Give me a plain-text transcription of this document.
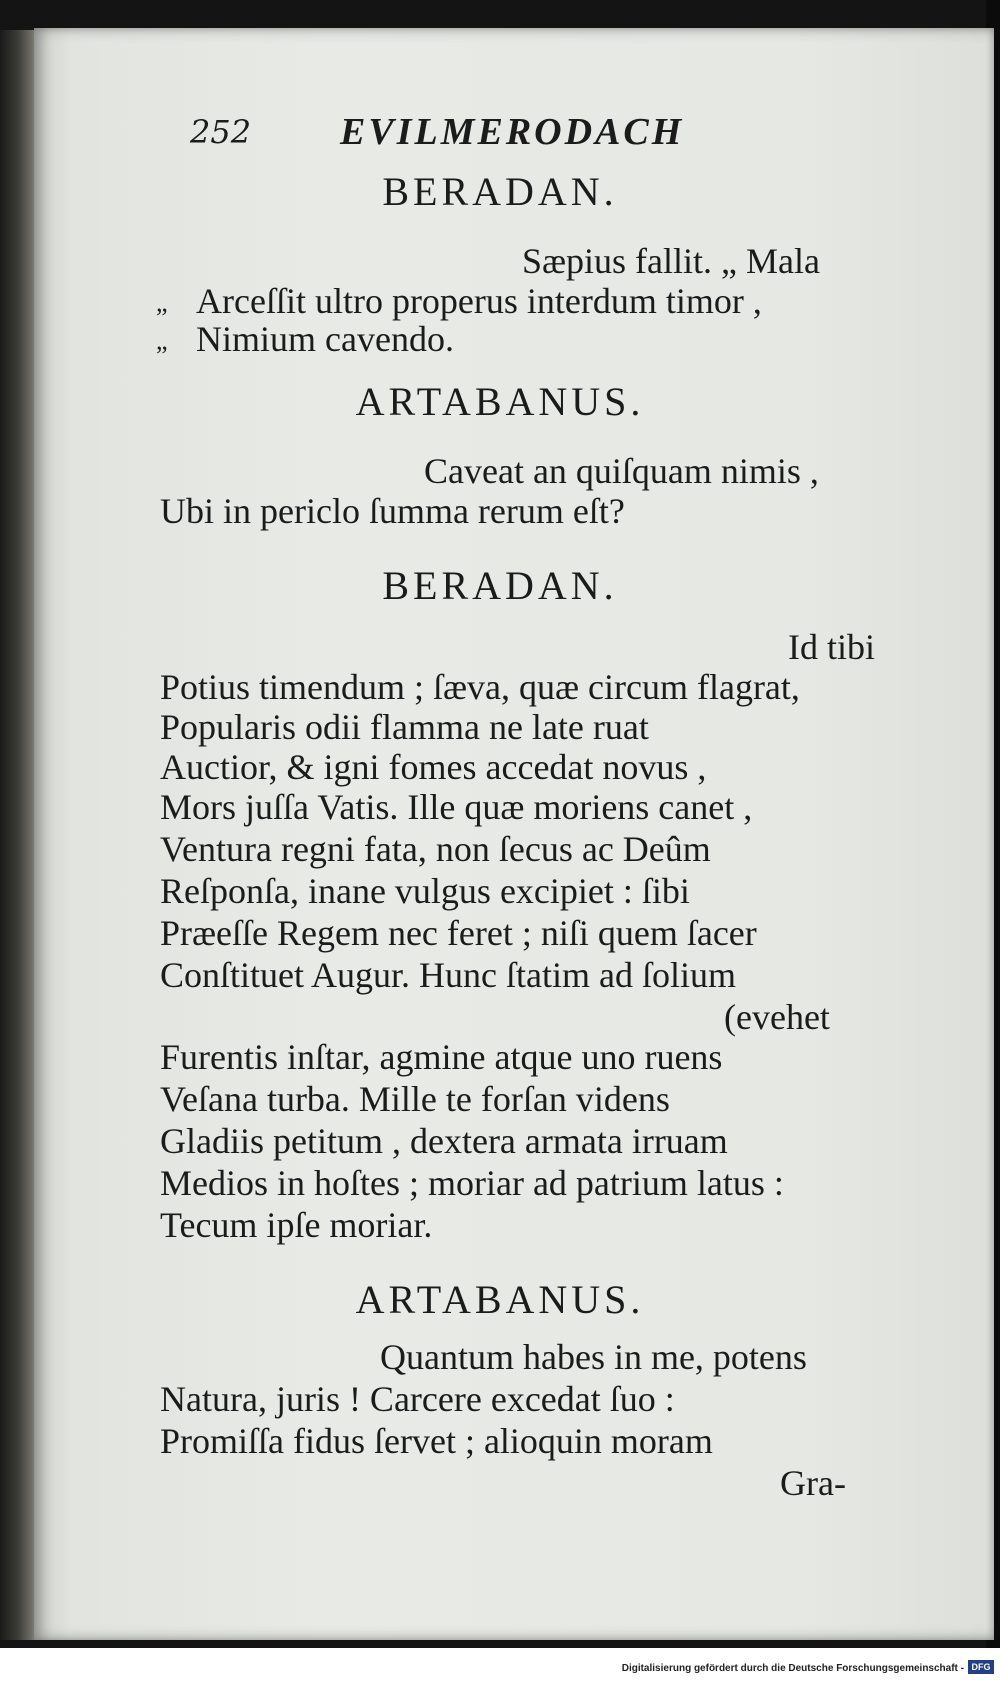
252 EVILMERODACH
BERADAN.
Sæpius fallit. „ Mala
„ Arceſſit ultro properus interdum timor ,
„ Nimium cavendo.
ARTABANUS.
Caveat an quiſquam nimis ,
Ubi in periclo ſumma rerum eſt?
BERADAN.
Id tibi
Potius timendum ; ſæva, quæ circum flagrat,
Popularis odii flamma ne late ruat
Auctior, & igni fomes accedat novus ,
Mors juſſa Vatis. Ille quæ moriens canet ,
Ventura regni fata, non ſecus ac Deûm
Reſponſa, inane vulgus excipiet : ſibi
Præeſſe Regem nec feret ; niſi quem ſacer
Conſtituet Augur. Hunc ſtatim ad ſolium
(evehet
Furentis inſtar, agmine atque uno ruens
Veſana turba. Mille te forſan videns
Gladiis petitum , dextera armata irruam
Medios in hoſtes ; moriar ad patrium latus :
Tecum ipſe moriar.
ARTABANUS.
Quantum habes in me, potens
Natura, juris ! Carcere excedat ſuo :
Promiſſa fidus ſervet ; alioquin moram
Gra-
Digitalisierung gefördert durch die Deutsche Forschungsgemeinschaft - DFG
